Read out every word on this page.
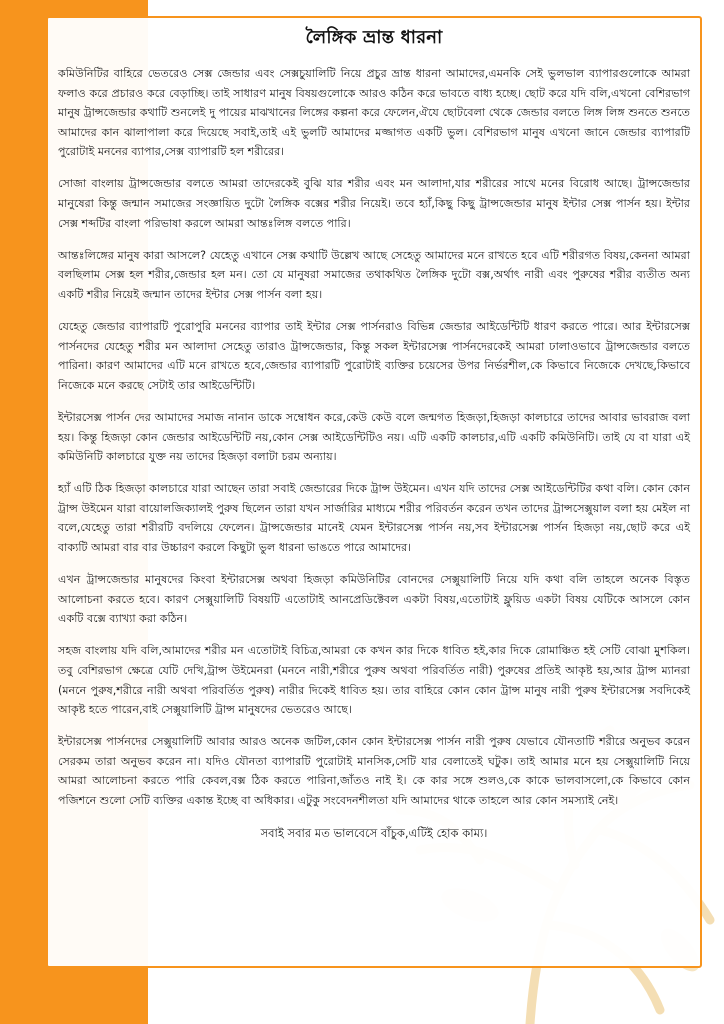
লৈঙ্গিক ভ্রান্ত ধারনা

কমিউনিটির বাহিরে ভেতরেও সেক্স জেন্ডার এবং সেক্সচুয়ালিটি নিয়ে প্রচুর ভ্রান্ত ধারনা আমাদের,এমনকি সেই ভুলভাল ব্যাপারগুলোকে আমরা ফলাও করে প্রচারও করে বেড়াচ্ছি। তাই সাধারণ মানুষ বিষয়গুলোকে আরও কঠিন করে ভাবতে বাধ্য হচ্ছে। ছোট করে যদি বলি,এখনো বেশিরভাগ মানুষ ট্রান্সজেন্ডার কথাটি শুনলেই দু পায়ের মাঝখানের লিঙ্গের কল্পনা করে ফেলেন,ঐযে ছোটবেলা থেকে জেন্ডার বলতে লিঙ্গ লিঙ্গ শুনতে শুনতে আমাদের কান ঝালাপালা করে দিয়েছে সবাই,তাই এই ভুলটি আমাদের মজ্জাগত একটি ভুল। বেশিরভাগ মানুষ এখনো জানে জেন্ডার ব্যাপারটি পুরোটাই মননের ব্যাপার,সেক্স ব্যাপারটি হল শরীরের।

সোজা বাংলায় ট্রান্সজেন্ডার বলতে আমরা তাদেরকেই বুঝি যার শরীর এবং মন আলাদা,যার শরীরের সাথে মনের বিরোধ আছে। ট্রান্সজেন্ডার মানুষেরা কিন্তু জন্মান সমাজের সংজ্ঞায়িত দুটো লৈঙ্গিক বক্সের শরীর নিয়েই। তবে হ্যাঁ,কিছু কিছু ট্রান্সজেন্ডার মানুষ ইন্টার সেক্স পার্সন হয়। ইন্টার সেক্স শব্দটির বাংলা পরিভাষা করলে আমরা আন্তঃলিঙ্গ বলতে পারি।

আন্তঃলিঙ্গের মানুষ কারা আসলে? যেহেতু এখানে সেক্স কথাটি উল্লেখ আছে সেহেতু আমাদের মনে রাখতে হবে এটি শরীরগত বিষয়,কেননা আমরা বলছিলাম সেক্স হল শরীর,জেন্ডার হল মন। তো যে মানুষরা সমাজের তথাকথিত লৈঙ্গিক দুটো বক্স,অর্থাৎ নারী এবং পুরুষের শরীর ব্যতীত অন্য একটি শরীর নিয়েই জন্মান তাদের ইন্টার সেক্স পার্সন বলা হয়।

যেহেতু জেন্ডার ব্যাপারটি পুরোপুরি মননের ব্যাপার তাই ইন্টার সেক্স পার্সনরাও বিভিন্ন জেন্ডার আইডেন্টিটি ধারণ করতে পারে। আর ইন্টারসেক্স পার্সনদের যেহেতু শরীর মন আলাদা সেহেতু তারাও ট্রান্সজেন্ডার, কিন্তু সকল ইন্টারসেক্স পার্সনদেরকেই আমরা ঢালাওভাবে ট্রান্সজেন্ডার বলতে পারিনা। কারণ আমাদের এটি মনে রাখতে হবে,জেন্ডার ব্যাপারটি পুরোটাই ব্যক্তির চয়েসের উপর নির্ভরশীল,কে কিভাবে নিজেকে দেখছে,কিভাবে নিজেকে মনে করছে সেটাই তার আইডেন্টিটি।

ইন্টারসেক্স পার্সন দের আমাদের সমাজ নানান ডাকে সম্বোধন করে,কেউ কেউ বলে জন্মগত হিজড়া,হিজড়া কালচারে তাদের আবার ভাবরাজ বলা হয়। কিন্তু হিজড়া কোন জেন্ডার আইডেন্টিটি নয়,কোন সেক্স আইডেন্টিটিও নয়। এটি একটি কালচার,এটি একটি কমিউনিটি। তাই যে বা যারা এই কমিউনিটি কালচারে যুক্ত নয় তাদের হিজড়া বলাটা চরম অন্যায়।

হ্যাঁ এটি ঠিক হিজড়া কালচারে যারা আছেন তারা সবাই জেন্ডারের দিকে ট্রান্স উইমেন। এখন যদি তাদের সেক্স আইডেন্টিটির কথা বলি। কোন কোন ট্রান্স উইমেন যারা বায়োলজিক্যালই পুরুষ ছিলেন তারা যখন সার্জারির মাধ্যমে শরীর পরিবর্তন করেন তখন তাদের ট্রান্সসেক্সুয়াল বলা হয় মেইল না বলে,যেহেতু তারা শরীরটি বদলিয়ে ফেলেন। ট্রান্সজেন্ডার মানেই যেমন ইন্টারসেক্স পার্সন নয়,সব ইন্টারসেক্স পার্সন হিজড়া নয়,ছোট করে এই বাক্যটি আমরা বার বার উচ্চারণ করলে কিছুটা ভুল ধারনা ভাঙতে পারে আমাদের।

এখন ট্রান্সজেন্ডার মানুষদের কিংবা ইন্টারসেক্স অথবা হিজড়া কমিউনিটির বোনদের সেক্সুয়ালিটি নিয়ে যদি কথা বলি তাহলে অনেক বিস্তৃত আলোচনা করতে হবে। কারণ সেক্সুয়ালিটি বিষয়টি এতোটাই আনপ্রেডিক্টেবল একটা বিষয়,এতোটাই ফ্লুয়িড একটা বিষয় যেটিকে আসলে কোন একটি বক্সে ব্যাখ্যা করা কঠিন।

সহজ বাংলায় যদি বলি,আমাদের শরীর মন এতোটাই বিচিত্র,আমরা কে কখন কার দিকে ধাবিত হই,কার দিকে রোমাঞ্চিত হই সেটি বোঝা মুশকিল। তবু বেশিরভাগ ক্ষেত্রে যেটি দেখি,ট্রান্স উইমেনরা (মননে নারী,শরীরে পুরুষ অথবা পরিবর্তিত নারী) পুরুষের প্রতিই আকৃষ্ট হয়,আর ট্রান্স ম্যানরা (মননে পুরুষ,শরীরে নারী অথবা পরিবর্তিত পুরুষ) নারীর দিকেই ধাবিত হয়। তার বাহিরে কোন কোন ট্রান্স মানুষ নারী পুরুষ ইন্টারসেক্স সবদিকেই আকৃষ্ট হতে পারেন,বাই সেক্সুয়ালিটি ট্রান্স মানুষদের ভেতরেও আছে।

ইন্টারসেক্স পার্সনদের সেক্সুয়ালিটি আবার আরও অনেক জটিল,কোন কোন ইন্টারসেক্স পার্সন নারী পুরুষ যেভাবে যৌনতাটি শরীরে অনুভব করেন সেরকম তারা অনুভব করেন না। যদিও যৌনতা ব্যাপারটি পুরোটাই মানসিক,সেটি যার বেলাতেই ঘটুক। তাই আমার মনে হয় সেক্সুয়ালিটি নিয়ে আমরা আলোচনা করতে পারি কেবল,বক্স ঠিক করতে পারিনা,জাঁতও নাই ই। কে কার সঙ্গে শুলও,কে কাকে ভালবাসলো,কে কিভাবে কোন পজিশনে শুলো সেটি ব্যক্তির একান্ত ইচ্ছে বা অধিকার। এটুকু সংবেদনশীলতা যদি আমাদের থাকে তাহলে আর কোন সমস্যাই নেই।

সবাই সবার মত ভালবেসে বাঁচুক,এটিই হোক কাম্য।
